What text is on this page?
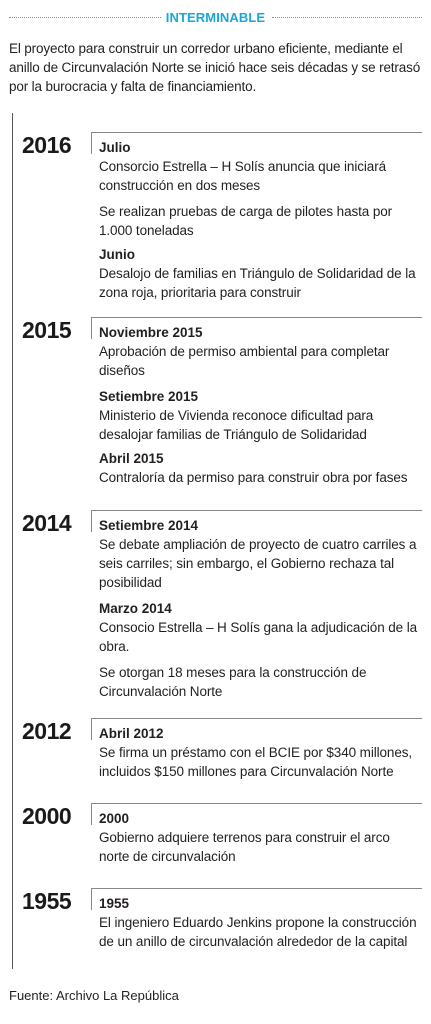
INTERMINABLE

El proyecto para construir un corredor urbano eficiente, mediante el anillo de Circunvalación Norte se inició hace seis décadas y se retrasó por la burocracia y falta de financiamiento.

2016 Julio

Consorcio Estrella – H Solís anuncia que iniciará construcción en dos meses

Se realizan pruebas de carga de pilotes hasta por 1.000 toneladas

Junio

Desalojo de familias en Triángulo de Solidaridad de la zona roja, prioritaria para construir

2015 Noviembre 2015

Aprobación de permiso ambiental para completar diseños

Setiembre 2015

Ministerio de Vivienda reconoce dificultad para desalojar familias de Triángulo de Solidaridad

Abril 2015

Contraloría da permiso para construir obra por fases

2014 Setiembre 2014

Se debate ampliación de proyecto de cuatro carriles a seis carriles; sin embargo, el Gobierno rechaza tal posibilidad

Marzo 2014

Consocio Estrella – H Solís gana la adjudicación de la obra.

Se otorgan 18 meses para la construcción de Circunvalación Norte

2012 Abril 2012

Se firma un préstamo con el BCIE por $340 millones, incluidos $150 millones para Circunvalación Norte

2000 2000

Gobierno adquiere terrenos para construir el arco norte de circunvalación

1955 1955

El ingeniero Eduardo Jenkins propone la construcción de un anillo de circunvalación alrededor de la capital

Fuente: Archivo La República
